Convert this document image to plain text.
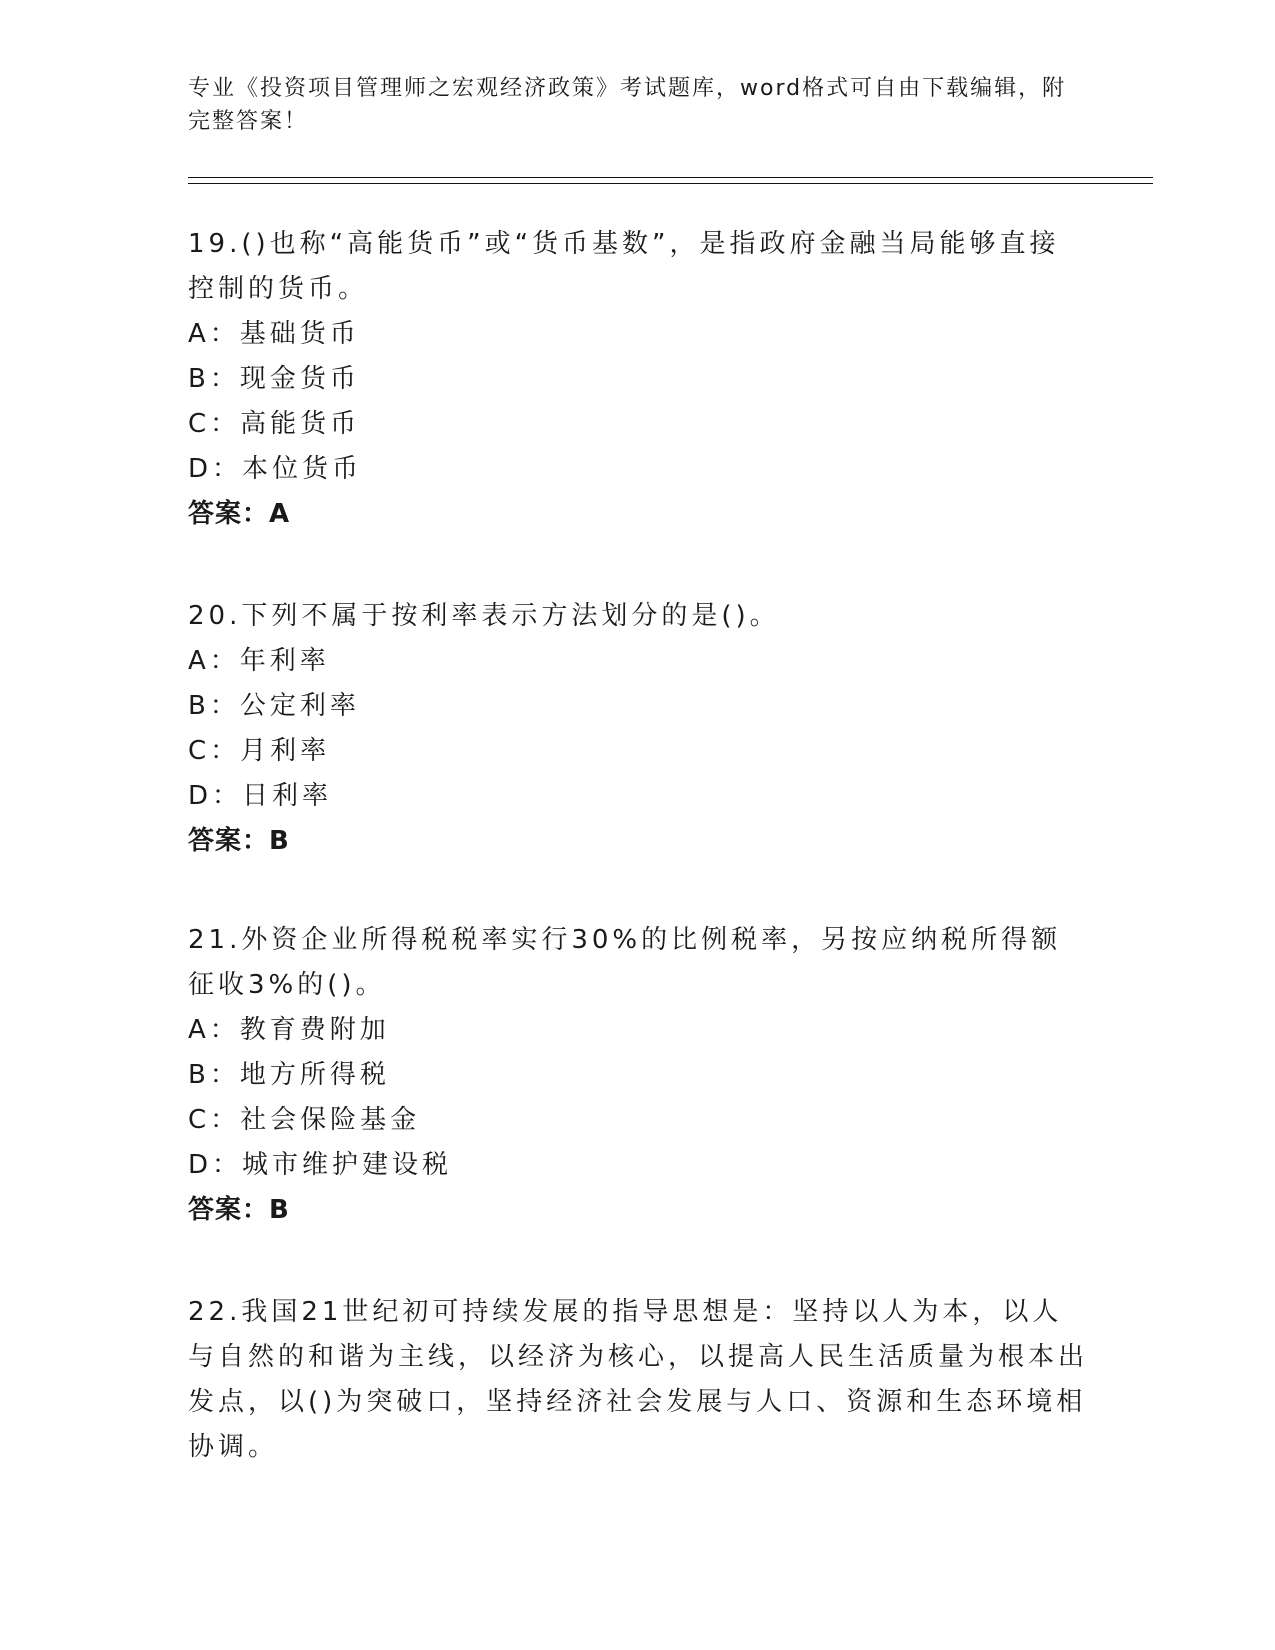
专业《投资项目管理师之宏观经济政策》考试题库，word格式可自由下载编辑，附完整答案！
19.()也称“高能货币”或“货币基数”，是指政府金融当局能够直接控制的货币。
A：基础货币
B：现金货币
C：高能货币
D：本位货币
答案：A
20.下列不属于按利率表示方法划分的是()。
A：年利率
B：公定利率
C：月利率
D：日利率
答案：B
21.外资企业所得税税率实行30%的比例税率，另按应纳税所得额征收3%的()。
A：教育费附加
B：地方所得税
C：社会保险基金
D：城市维护建设税
答案：B
22.我国21世纪初可持续发展的指导思想是：坚持以人为本，以人与自然的和谐为主线，以经济为核心，以提高人民生活质量为根本出发点，以()为突破口，坚持经济社会发展与人口、资源和生态环境相协调。
